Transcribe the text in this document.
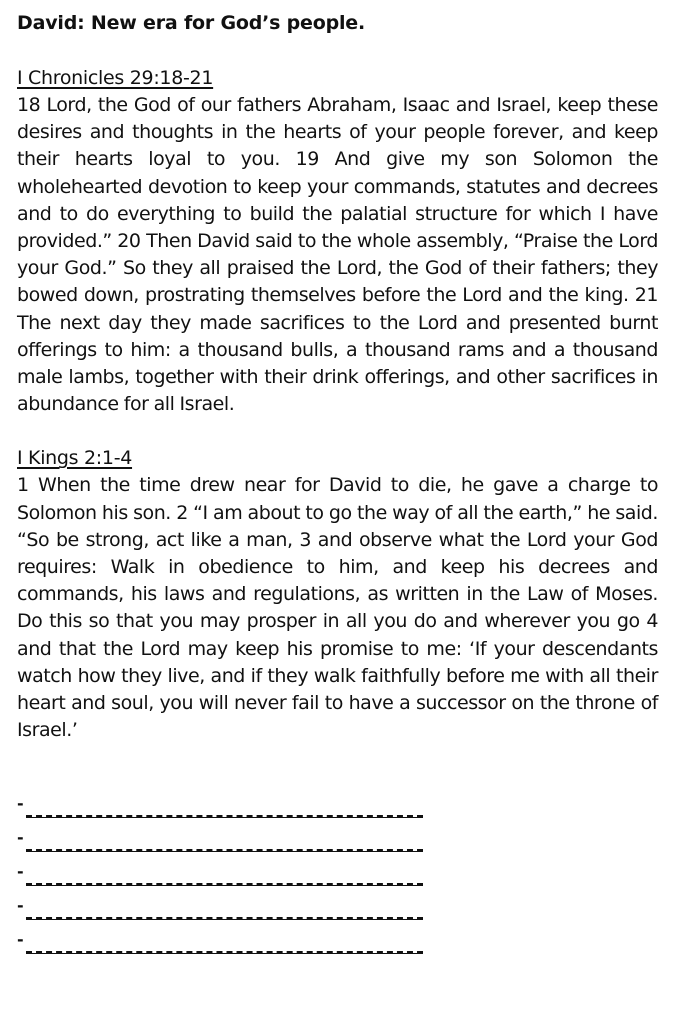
David: New era for God’s people.
I Chronicles 29:18-21

18 Lord, the God of our fathers Abraham, Isaac and Israel, keep these desires and thoughts in the hearts of your people forever, and keep their hearts loyal to you. 19 And give my son Solomon the wholehearted devotion to keep your commands, statutes and decrees and to do everything to build the palatial structure for which I have provided.” 20 Then David said to the whole assembly, “Praise the Lord your God.” So they all praised the Lord, the God of their fathers; they bowed down, prostrating themselves before the Lord and the king. 21 The next day they made sacrifices to the Lord and presented burnt offerings to him: a thousand bulls, a thousand rams and a thousand male lambs, together with their drink offerings, and other sacrifices in abundance for all Israel.

I Kings 2:1-4

1 When the time drew near for David to die, he gave a charge to Solomon his son. 2 “I am about to go the way of all the earth,” he said. “So be strong, act like a man, 3 and observe what the Lord your God requires: Walk in obedience to him, and keep his decrees and commands, his laws and regulations, as written in the Law of Moses. Do this so that you may prosper in all you do and wherever you go 4 and that the Lord may keep his promise to me: ‘If your descendants watch how they live, and if they walk faithfully before me with all their heart and soul, you will never fail to have a successor on the throne of Israel.’

-
-
-
-
-
